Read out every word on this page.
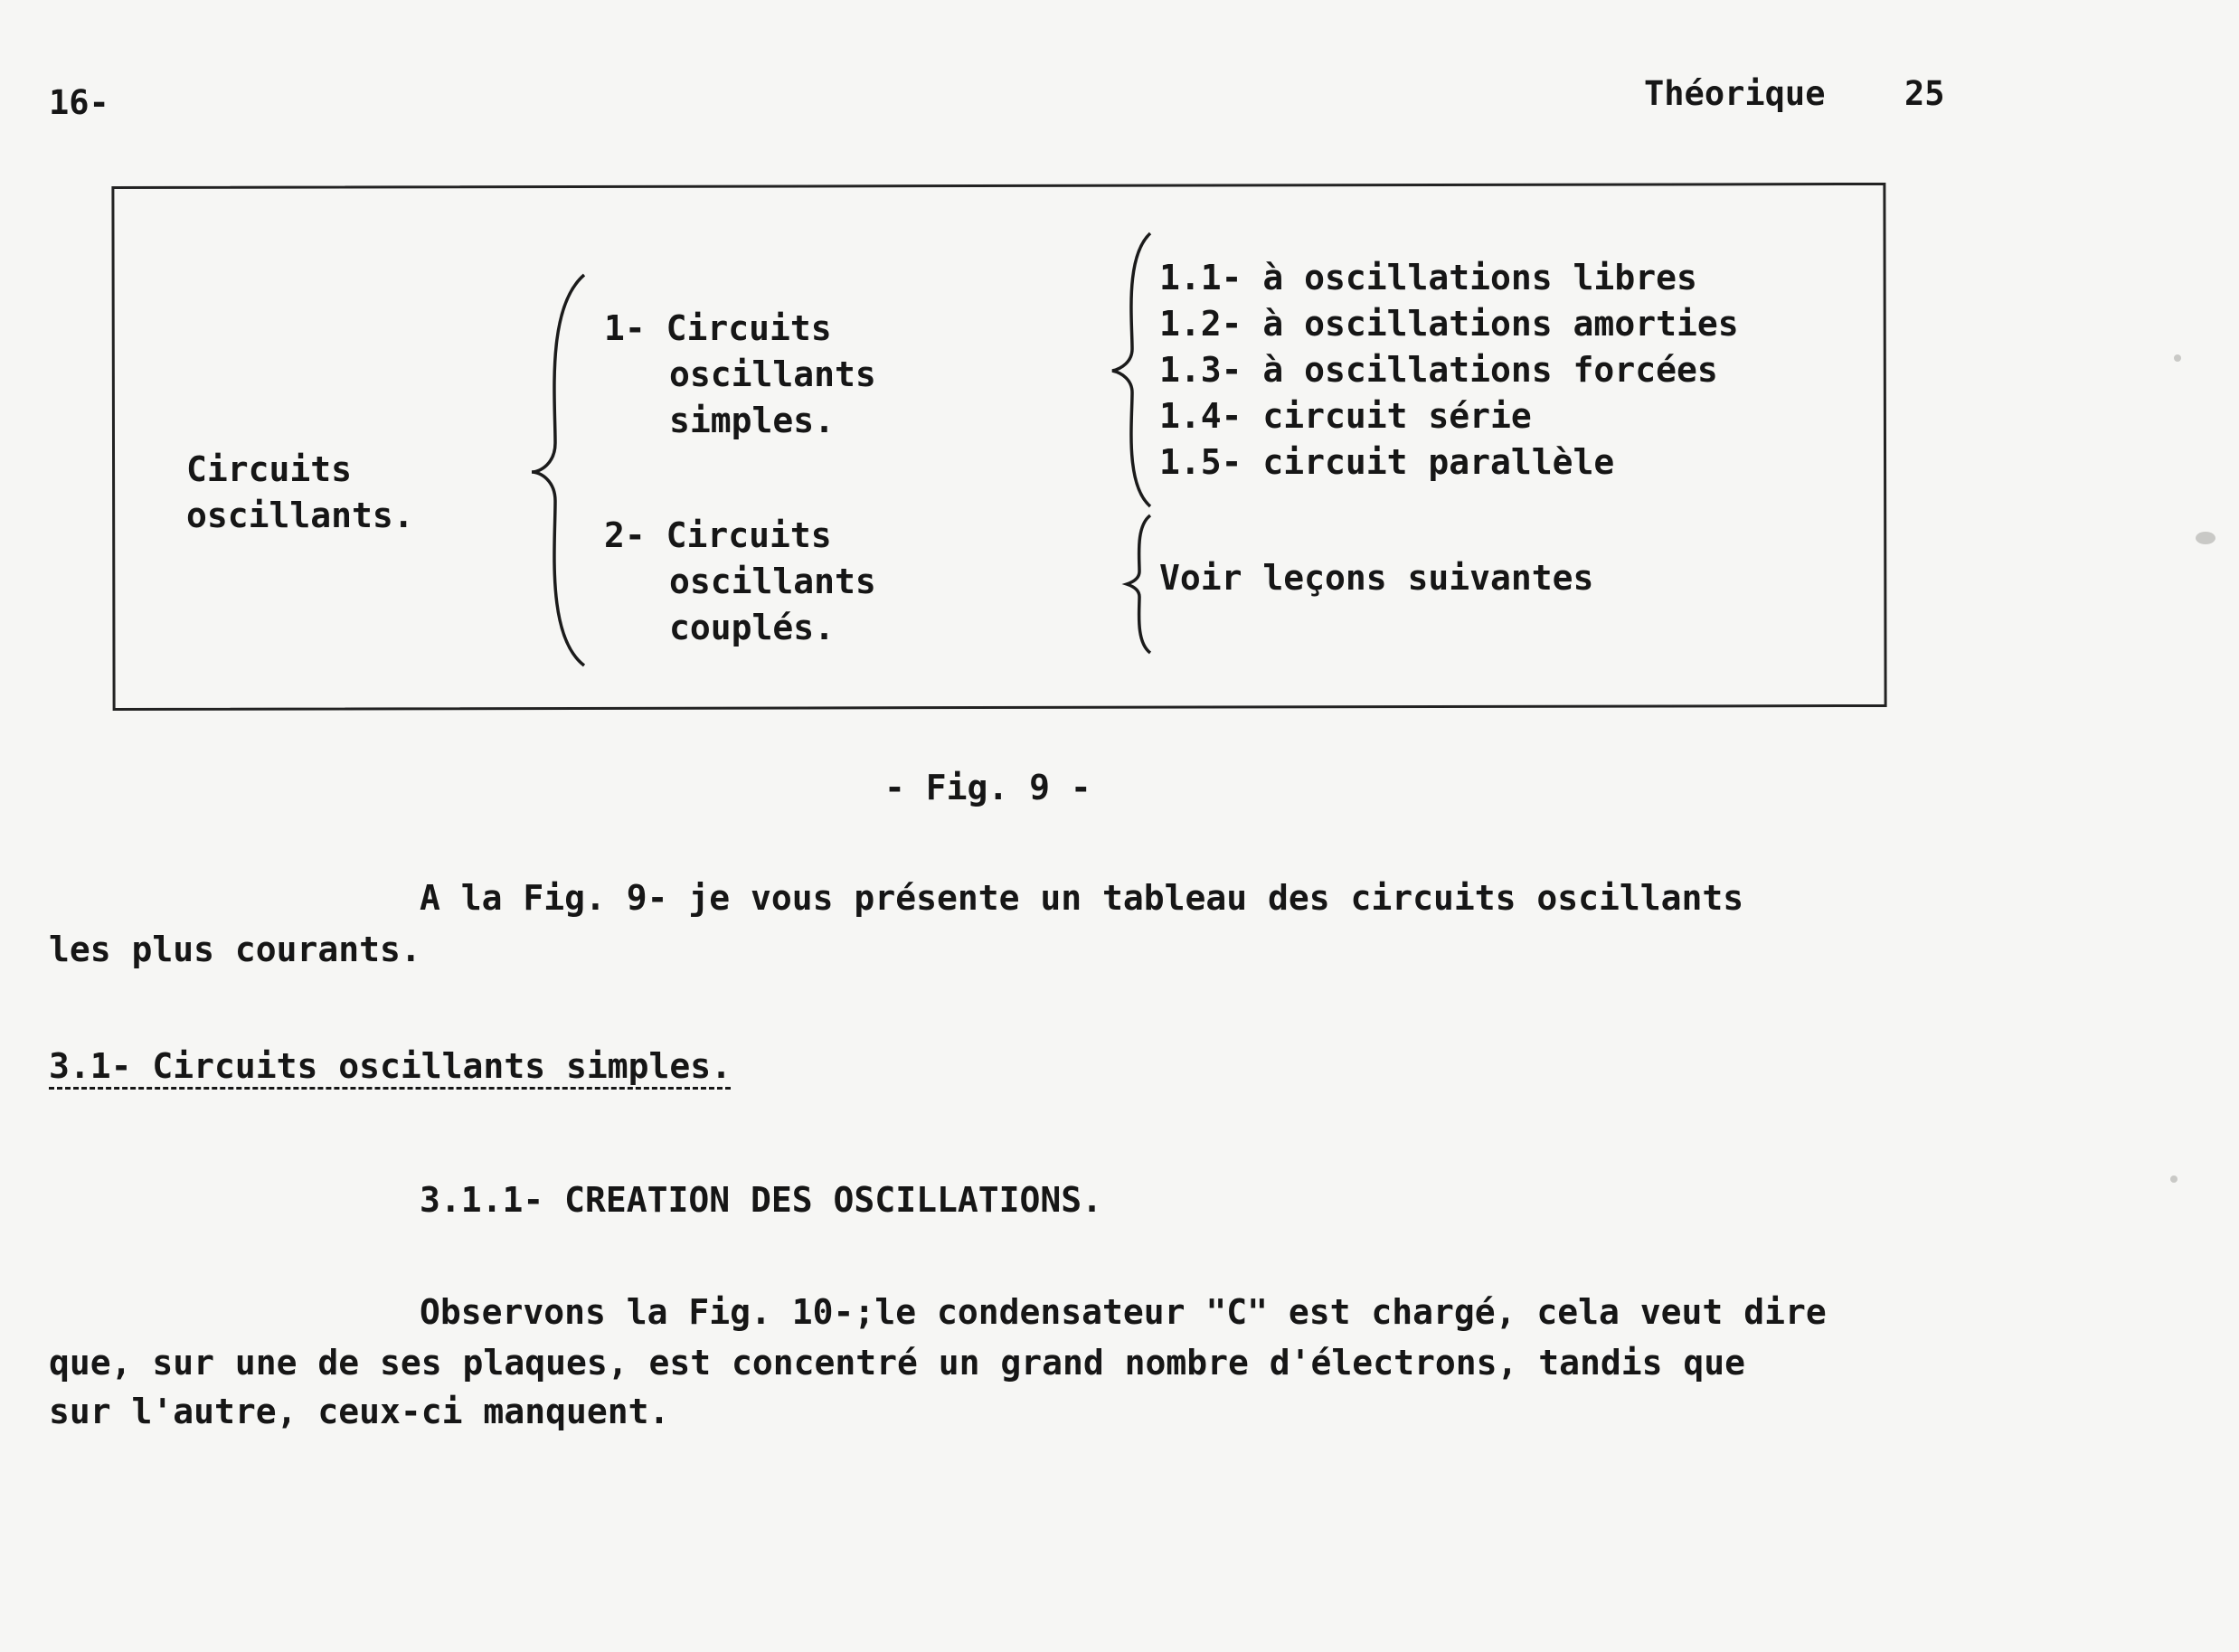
16-	Théorique 25
Circuits
oscillants.
1- Circuits
oscillants
simples.
2- Circuits
oscillants
couplés.
1.1- à oscillations libres
1.2- à oscillations amorties
1.3- à oscillations forcées
1.4- circuit série
1.5- circuit parallèle
Voir leçons suivantes
- Fig. 9 -
A la Fig. 9- je vous présente un tableau des circuits oscillants
les plus courants.
3.1- Circuits oscillants simples.
3.1.1- CREATION DES OSCILLATIONS.
Observons la Fig. 10-;le condensateur "C" est chargé, cela veut dire
que, sur une de ses plaques, est concentré un grand nombre d'électrons, tandis que
sur l'autre, ceux-ci manquent.
